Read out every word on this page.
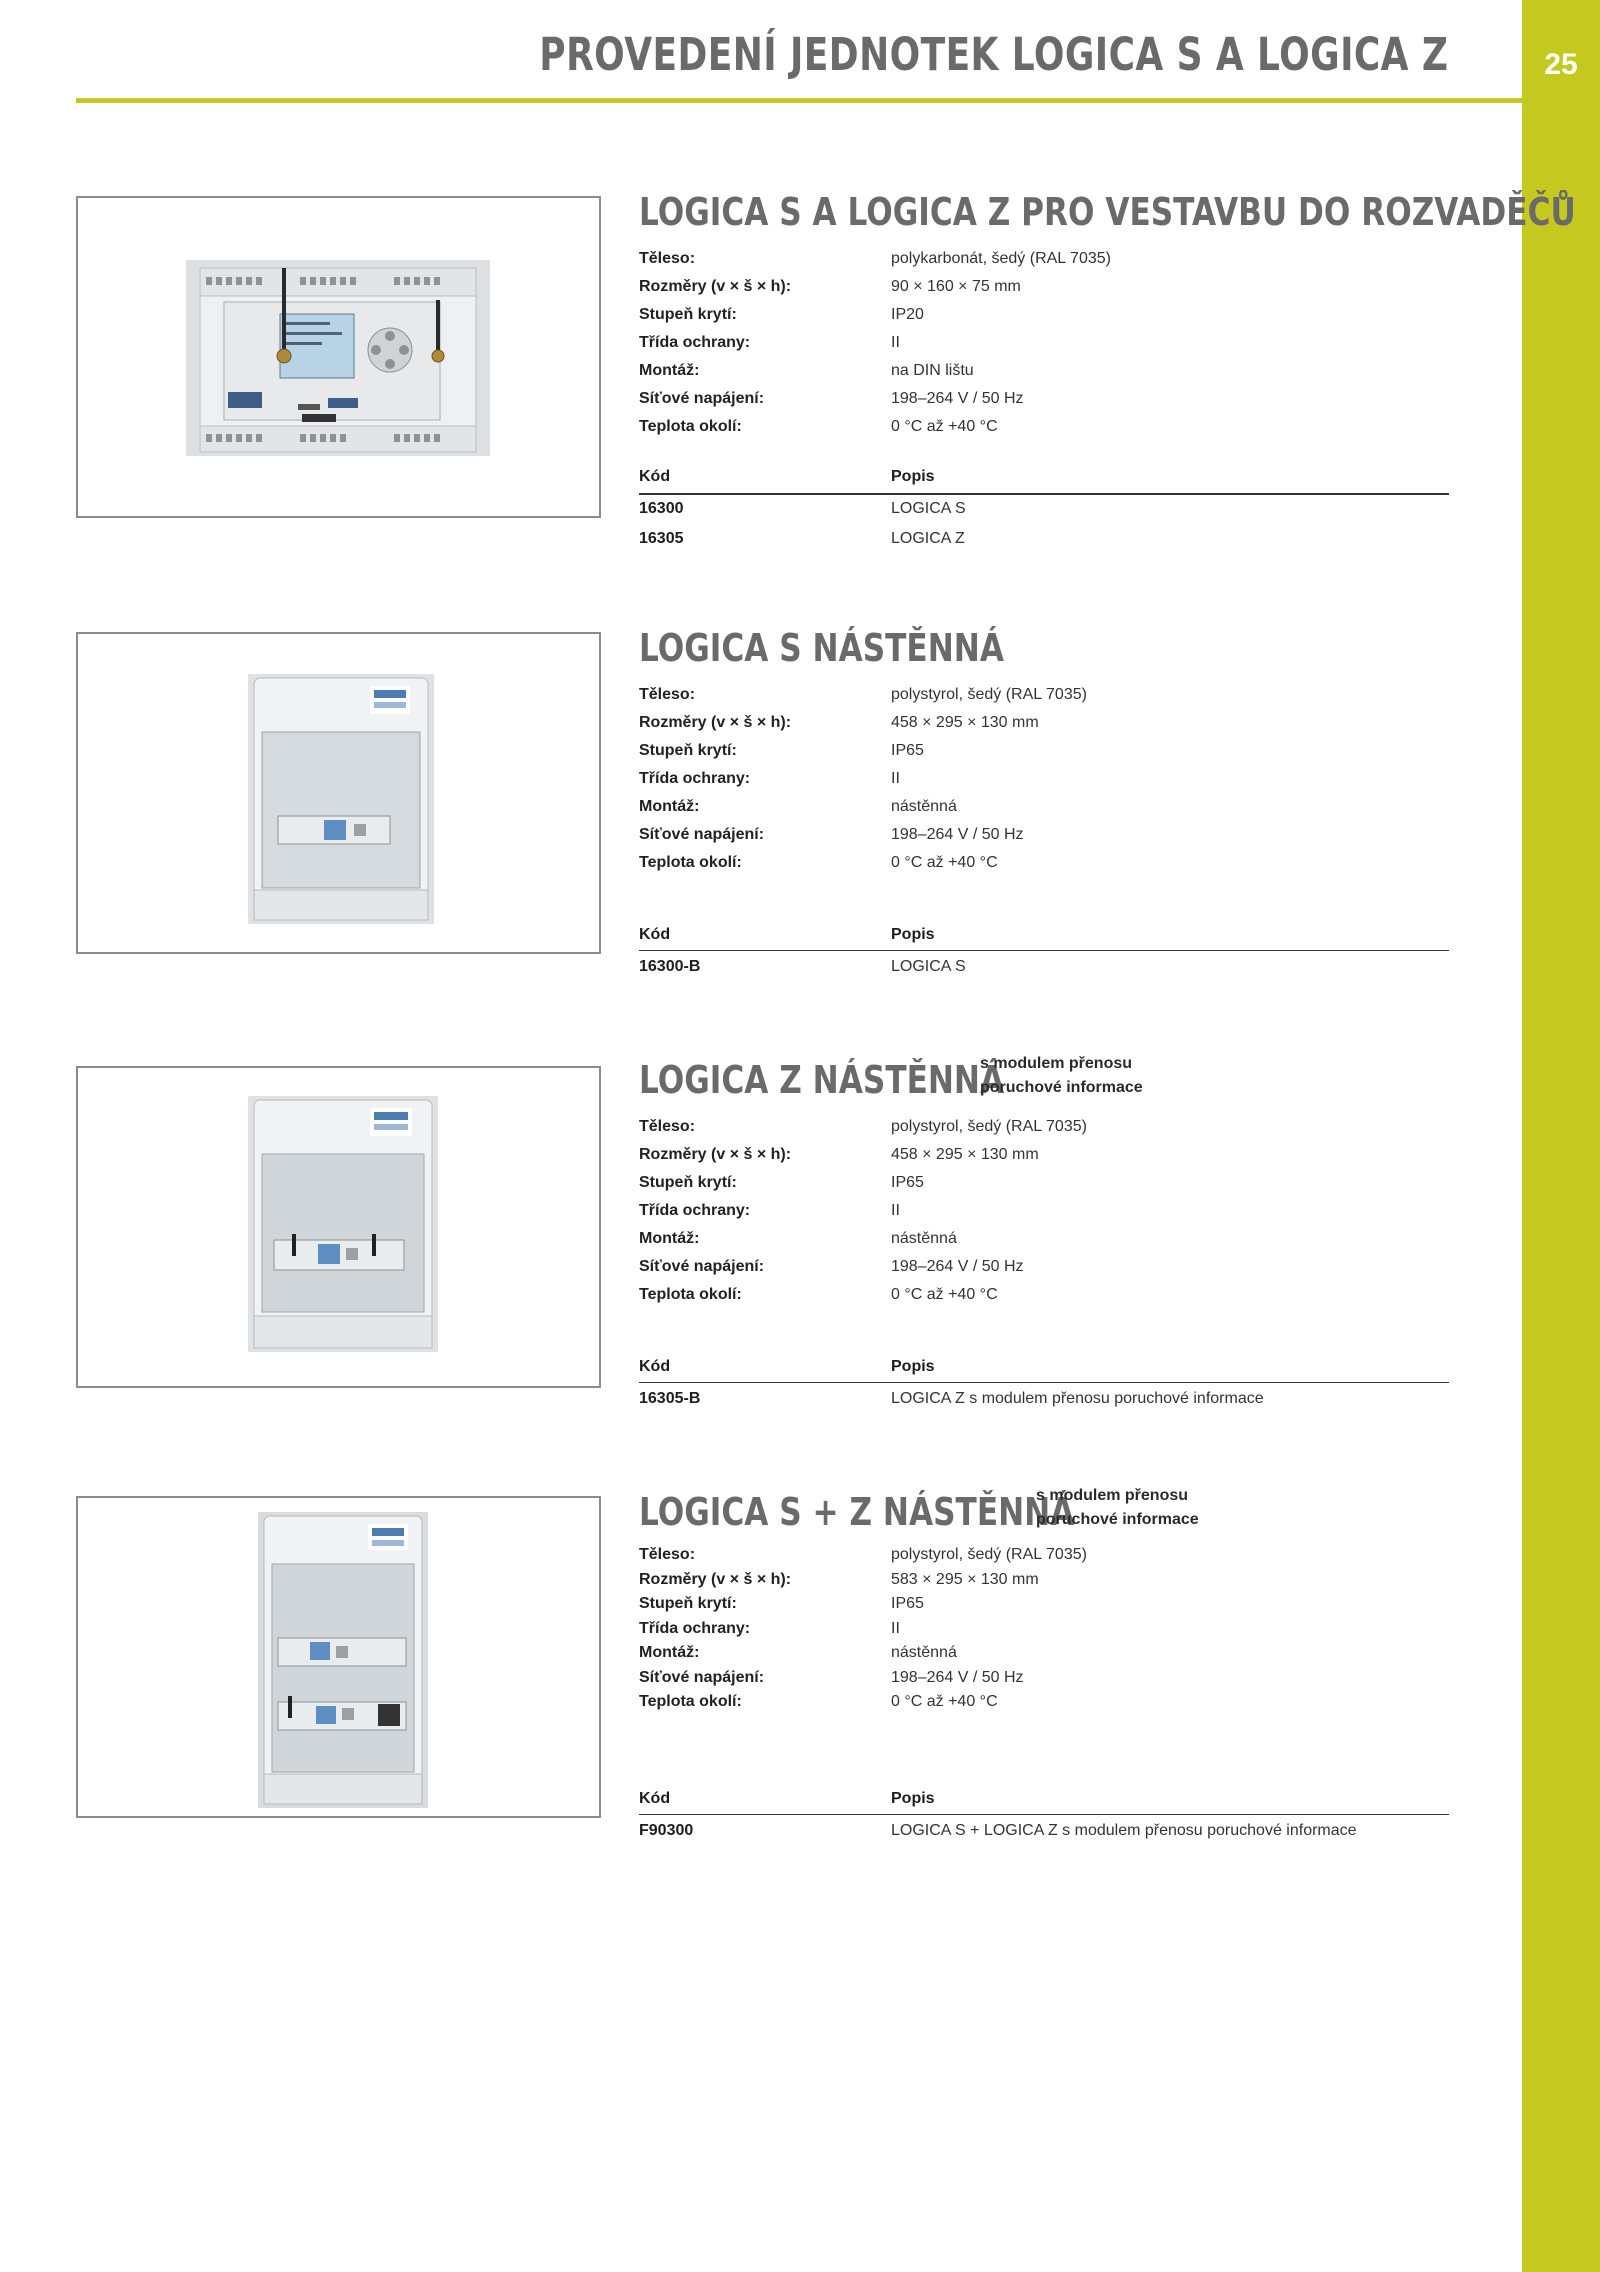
25
PROVEDENÍ JEDNOTEK LOGICA S A LOGICA Z
LOGICA S A LOGICA Z PRO VESTAVBU DO ROZVADĚČŮ
Těleso:	polykarbonát, šedý (RAL 7035)
Rozměry (v × š × h):	90 × 160 × 75 mm
Stupeň krytí:	IP20
Třída ochrany:	II
Montáž:	na DIN lištu
Síťové napájení:	198–264 V / 50 Hz
Teplota okolí:	0 °C až +40 °C
Kód	Popis
16300	LOGICA S
16305	LOGICA Z
LOGICA S NÁSTĚNNÁ
Těleso:	polystyrol, šedý (RAL 7035)
Rozměry (v × š × h):	458 × 295 × 130 mm
Stupeň krytí:	IP65
Třída ochrany:	II
Montáž:	nástěnná
Síťové napájení:	198–264 V / 50 Hz
Teplota okolí:	0 °C až +40 °C
Kód	Popis
16300-B	LOGICA S
LOGICA Z NÁSTĚNNÁ
s modulem přenosu
poruchové informace
Těleso:	polystyrol, šedý (RAL 7035)
Rozměry (v × š × h):	458 × 295 × 130 mm
Stupeň krytí:	IP65
Třída ochrany:	II
Montáž:	nástěnná
Síťové napájení:	198–264 V / 50 Hz
Teplota okolí:	0 °C až +40 °C
Kód	Popis
16305-B	LOGICA Z s modulem přenosu poruchové informace
LOGICA S + Z NÁSTĚNNÁ
s modulem přenosu
poruchové informace
Těleso:	polystyrol, šedý (RAL 7035)
Rozměry (v × š × h):	583 × 295 × 130 mm
Stupeň krytí:	IP65
Třída ochrany:	II
Montáž:	nástěnná
Síťové napájení:	198–264 V / 50 Hz
Teplota okolí:	0 °C až +40 °C
Kód	Popis
F90300	LOGICA S + LOGICA Z s modulem přenosu poruchové informace
